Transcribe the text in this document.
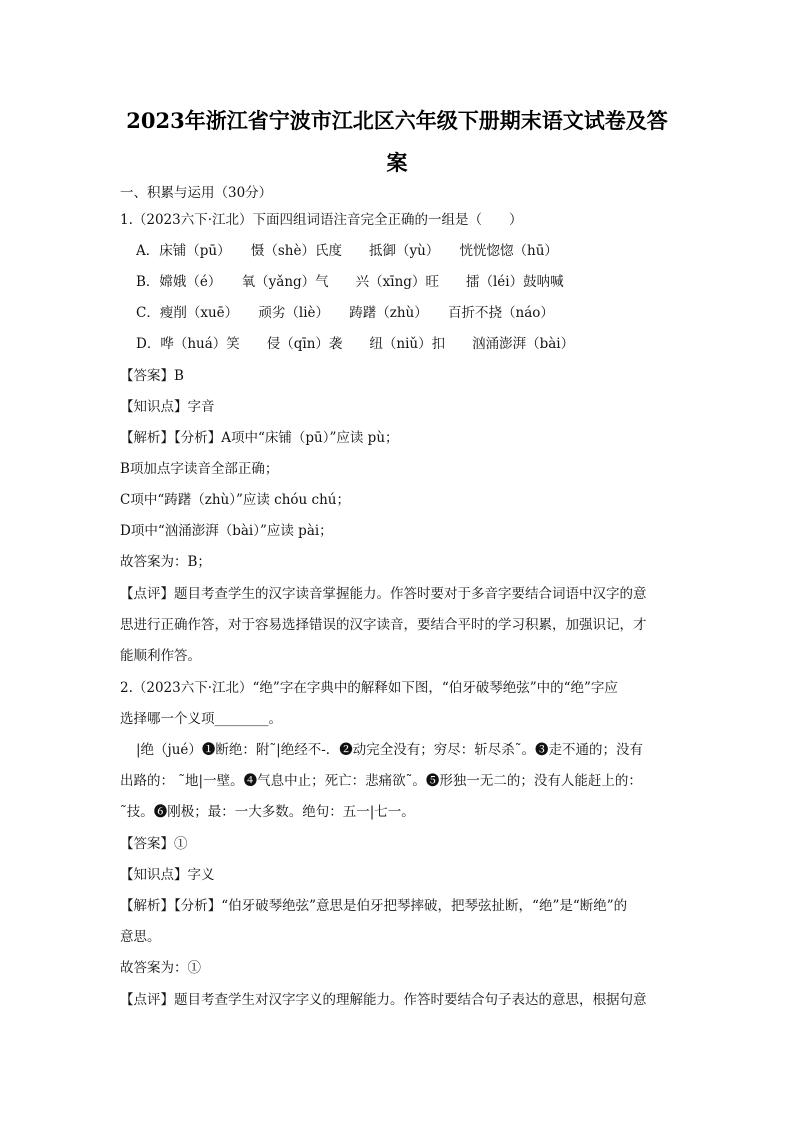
2023年浙江省宁波市江北区六年级下册期末语文试卷及答
案
一、积累与运用（30分）
1.（2023六下·江北）下面四组词语注音完全正确的一组是（　　）
A．床铺（pū）　　慑（shè）氏度　　抵御（yù）　　恍恍惚惚（hū）
B．嫦娥（é）　　氧（yǎng）气　　兴（xīng）旺　　擂（léi）鼓呐喊
C．瘦削（xuē）　　顽劣（liè）　　踌躇（zhù）　　百折不挠（náo）
D．哗（huá）笑　　侵（qīn）袭　　纽（niǔ）扣　　汹涌澎湃（bài）
【答案】B
【知识点】字音
【解析】【分析】A项中“床铺（pū）”应读 pù；
B项加点字读音全部正确；
C项中“踌躇（zhù）”应读 chóu chú；
D项中“汹涌澎湃（bài）”应读 pài；
故答案为：B；
【点评】题目考查学生的汉字读音掌握能力。作答时要对于多音字要结合词语中汉字的意
思进行正确作答，对于容易选择错误的汉字读音，要结合平时的学习积累，加强识记，才
能顺利作答。
2.（2023六下·江北）“绝”字在字典中的解释如下图，“伯牙破琴绝弦”中的“绝”字应
选择哪一个义项________。
|绝（jué）❶断绝：附˜|绝经不-．❷动完全没有；穷尽：斩尽杀˜。❸走不通的；没有
出路的： ˜地|一壁。❹气息中止；死亡：悲痛欲˜。❺形独一无二的；没有人能赶上的：
˜技。❻刚极；最：一大多数。绝句：五一|七一。
【答案】①
【知识点】字义
【解析】【分析】“伯牙破琴绝弦”意思是伯牙把琴摔破，把琴弦扯断，“绝”是“断绝”的
意思。
故答案为：①
【点评】题目考查学生对汉字字义的理解能力。作答时要结合句子表达的意思，根据句意
